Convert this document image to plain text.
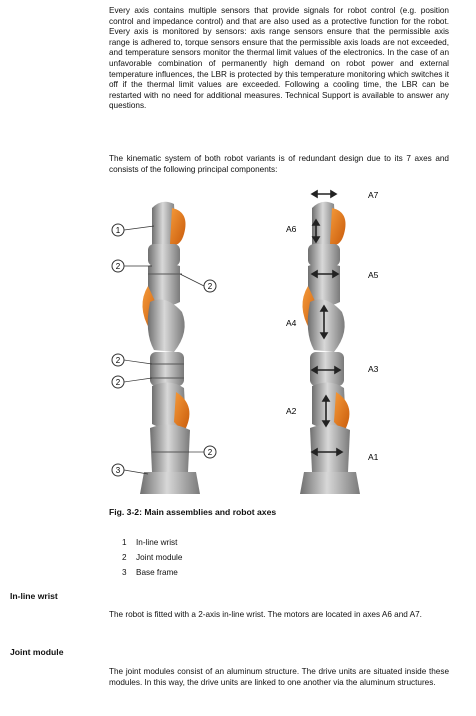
Every axis contains multiple sensors that provide signals for robot control (e.g. position control and impedance control) and that are also used as a protective function for the robot. Every axis is monitored by sensors: axis range sensors ensure that the permissible axis range is adhered to, torque sensors ensure that the permissible axis loads are not exceeded, and temperature sensors monitor the thermal limit values of the electronics. In the case of an unfavorable combination of permanently high demand on robot power and external temperature influences, the LBR is protected by this temperature monitoring which switches it off if the thermal limit values are exceeded. Following a cooling time, the LBR can be restarted with no need for additional measures. Technical Support is available to answer any questions.
The kinematic system of both robot variants is of redundant design due to its 7 axes and consists of the following principal components:
1
2
2
2
2
2
3
A7
A6
A5
A4
A3
A2
A1
Fig. 3-2: Main assemblies and robot axes
1 In-line wrist
2 Joint module
3 Base frame
In-line wrist
The robot is fitted with a 2-axis in-line wrist. The motors are located in axes A6 and A7.
Joint module
The joint modules consist of an aluminum structure. The drive units are situated inside these modules. In this way, the drive units are linked to one another via the aluminum structures.
